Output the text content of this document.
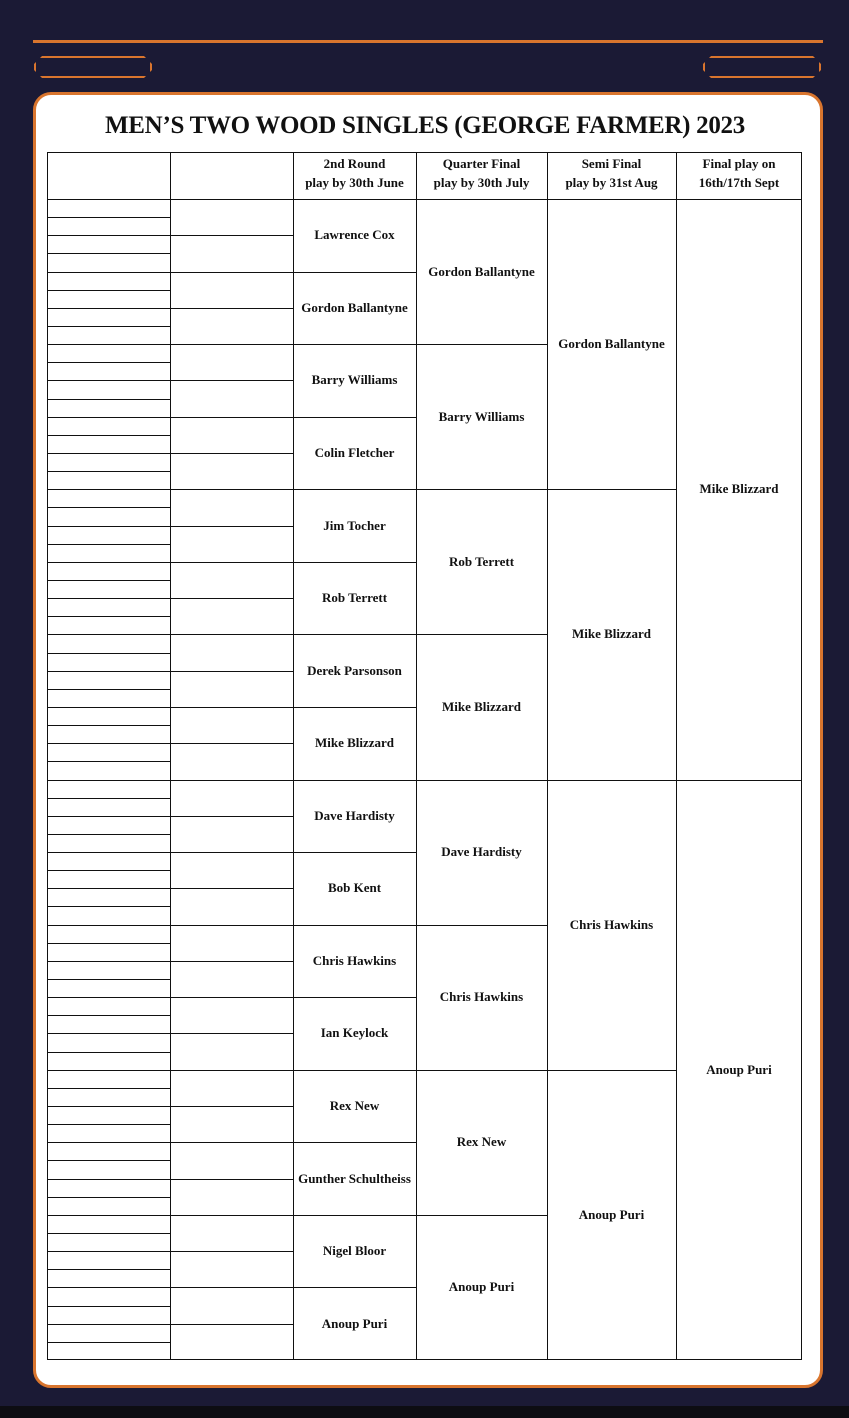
MEN’S TWO WOOD SINGLES (GEORGE FARMER) 2023
2nd Round
play by 30th June
Quarter Final
play by 30th July
Semi Final
play by 31st Aug
Final play on
16th/17th Sept
Lawrence Cox
Gordon Ballantyne
Barry Williams
Colin Fletcher
Jim Tocher
Rob Terrett
Derek Parsonson
Mike Blizzard
Dave Hardisty
Bob Kent
Chris Hawkins
Ian Keylock
Rex New
Gunther Schultheiss
Nigel Bloor
Anoup Puri
Gordon Ballantyne
Barry Williams
Rob Terrett
Mike Blizzard
Dave Hardisty
Chris Hawkins
Rex New
Anoup Puri
Gordon Ballantyne
Mike Blizzard
Chris Hawkins
Anoup Puri
Mike Blizzard
Anoup Puri
